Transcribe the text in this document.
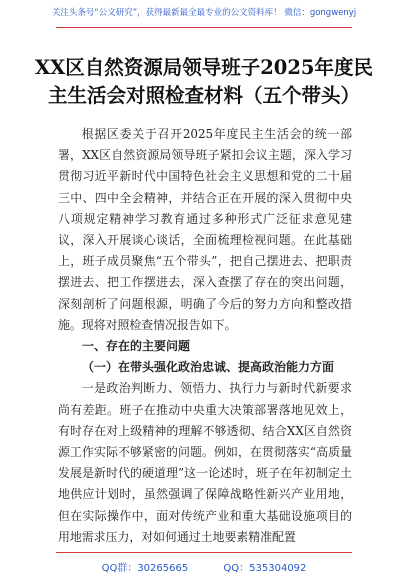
关注头条号“公文研究”，获得最新最全最专业的公文资料库！ 微信：gongwenyj
XX区自然资源局领导班子2025年度民主生活会对照检查材料（五个带头）

根据区委关于召开2025年度民主生活会的统一部署，XX区自然资源局领导班子紧扣会议主题，深入学习贯彻习近平新时代中国特色社会主义思想和党的二十届三中、四中全会精神，并结合正在开展的深入贯彻中央八项规定精神学习教育通过多种形式广泛征求意见建议，深入开展谈心谈话，全面梳理检视问题。在此基础上，班子成员聚焦“五个带头”，把自己摆进去、把职责摆进去、把工作摆进去，深入查摆了存在的突出问题，深刻剖析了问题根源，明确了今后的努力方向和整改措施。现将对照检查情况报告如下。

一、存在的主要问题

（一）在带头强化政治忠诚、提高政治能力方面

一是政治判断力、领悟力、执行力与新时代新要求尚有差距。班子在推动中央重大决策部署落地见效上，有时存在对上级精神的理解不够透彻、结合XX区自然资源工作实际不够紧密的问题。例如，在贯彻落实“高质量发展是新时代的硬道理”这一论述时，班子在年初制定土地供应计划时，虽然强调了保障战略性新兴产业用地，但在实际操作中，面对传统产业和重大基础设施项目的用地需求压力，对如何通过土地要素精准配置

QQ群：30265665	QQ：535304092
